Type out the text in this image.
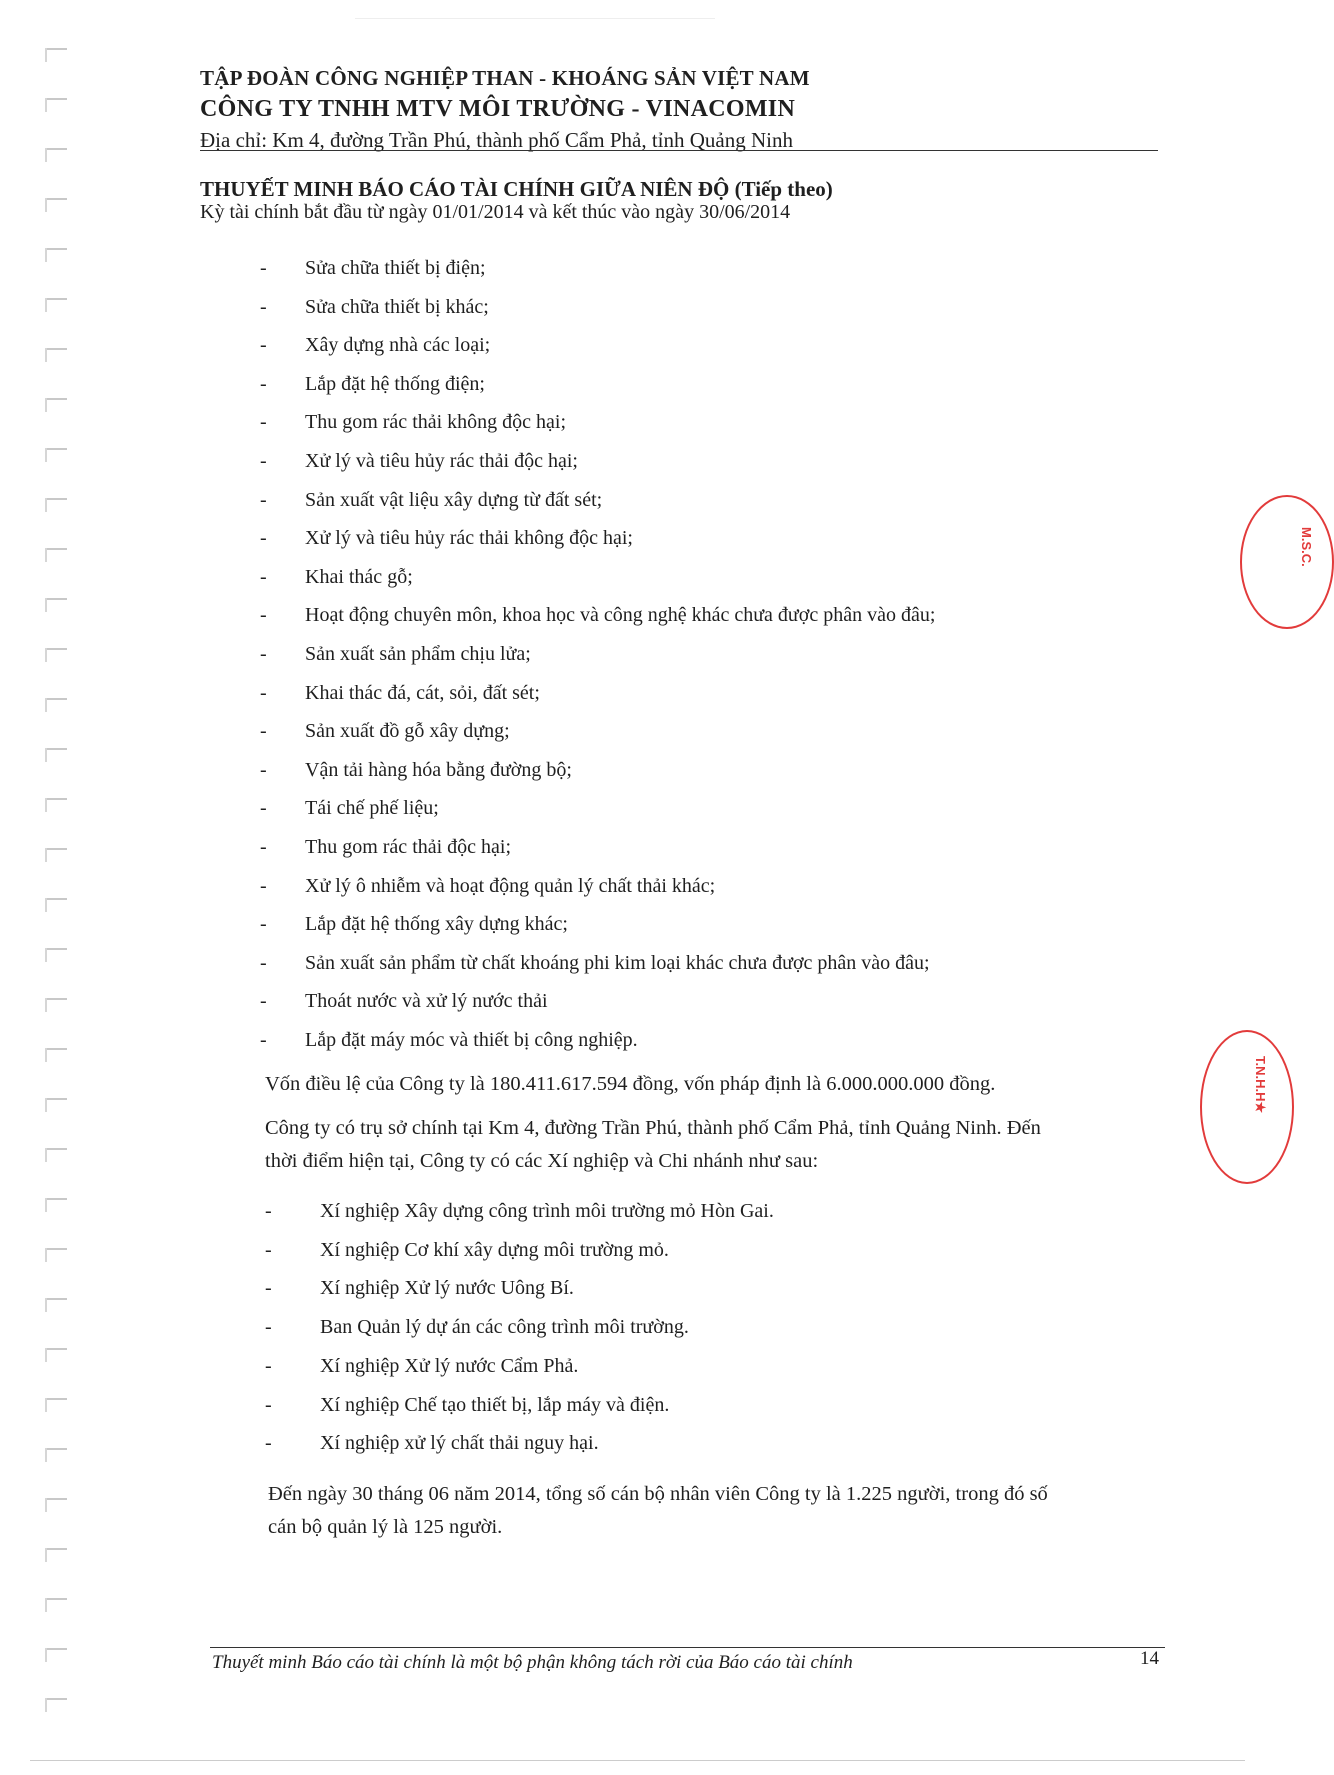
TẬP ĐOÀN CÔNG NGHIỆP THAN - KHOÁNG SẢN VIỆT NAM
CÔNG TY TNHH MTV MÔI TRƯỜNG - VINACOMIN
Địa chỉ: Km 4, đường Trần Phú, thành phố Cẩm Phả, tỉnh Quảng Ninh
THUYẾT MINH BÁO CÁO TÀI CHÍNH GIỮA NIÊN ĐỘ (Tiếp theo)
Kỳ tài chính bắt đầu từ ngày 01/01/2014 và kết thúc vào ngày 30/06/2014
- Sửa chữa thiết bị điện;
- Sửa chữa thiết bị khác;
- Xây dựng nhà các loại;
- Lắp đặt hệ thống điện;
- Thu gom rác thải không độc hại;
- Xử lý và tiêu hủy rác thải độc hại;
- Sản xuất vật liệu xây dựng từ đất sét;
- Xử lý và tiêu hủy rác thải không độc hại;
- Khai thác gỗ;
- Hoạt động chuyên môn, khoa học và công nghệ khác chưa được phân vào đâu;
- Sản xuất sản phẩm chịu lửa;
- Khai thác đá, cát, sỏi, đất sét;
- Sản xuất đồ gỗ xây dựng;
- Vận tải hàng hóa bằng đường bộ;
- Tái chế phế liệu;
- Thu gom rác thải độc hại;
- Xử lý ô nhiễm và hoạt động quản lý chất thải khác;
- Lắp đặt hệ thống xây dựng khác;
- Sản xuất sản phẩm từ chất khoáng phi kim loại khác chưa được phân vào đâu;
- Thoát nước và xử lý nước thải
- Lắp đặt máy móc và thiết bị công nghiệp.
Vốn điều lệ của Công ty là 180.411.617.594 đồng, vốn pháp định là 6.000.000.000 đồng.
Công ty có trụ sở chính tại Km 4, đường Trần Phú, thành phố Cẩm Phả, tỉnh Quảng Ninh. Đến
thời điểm hiện tại, Công ty có các Xí nghiệp và Chi nhánh như sau:
- Xí nghiệp Xây dựng công trình môi trường mỏ Hòn Gai.
- Xí nghiệp Cơ khí xây dựng môi trường mỏ.
- Xí nghiệp Xử lý nước Uông Bí.
- Ban Quản lý dự án các công trình môi trường.
- Xí nghiệp Xử lý nước Cẩm Phả.
- Xí nghiệp Chế tạo thiết bị, lắp máy và điện.
- Xí nghiệp xử lý chất thải nguy hại.
Đến ngày 30 tháng 06 năm 2014, tổng số cán bộ nhân viên Công ty là 1.225 người, trong đó số
cán bộ quản lý là 125 người.
Thuyết minh Báo cáo tài chính là một bộ phận không tách rời của Báo cáo tài chính	14
M.S.C.
T.N.H.H★
